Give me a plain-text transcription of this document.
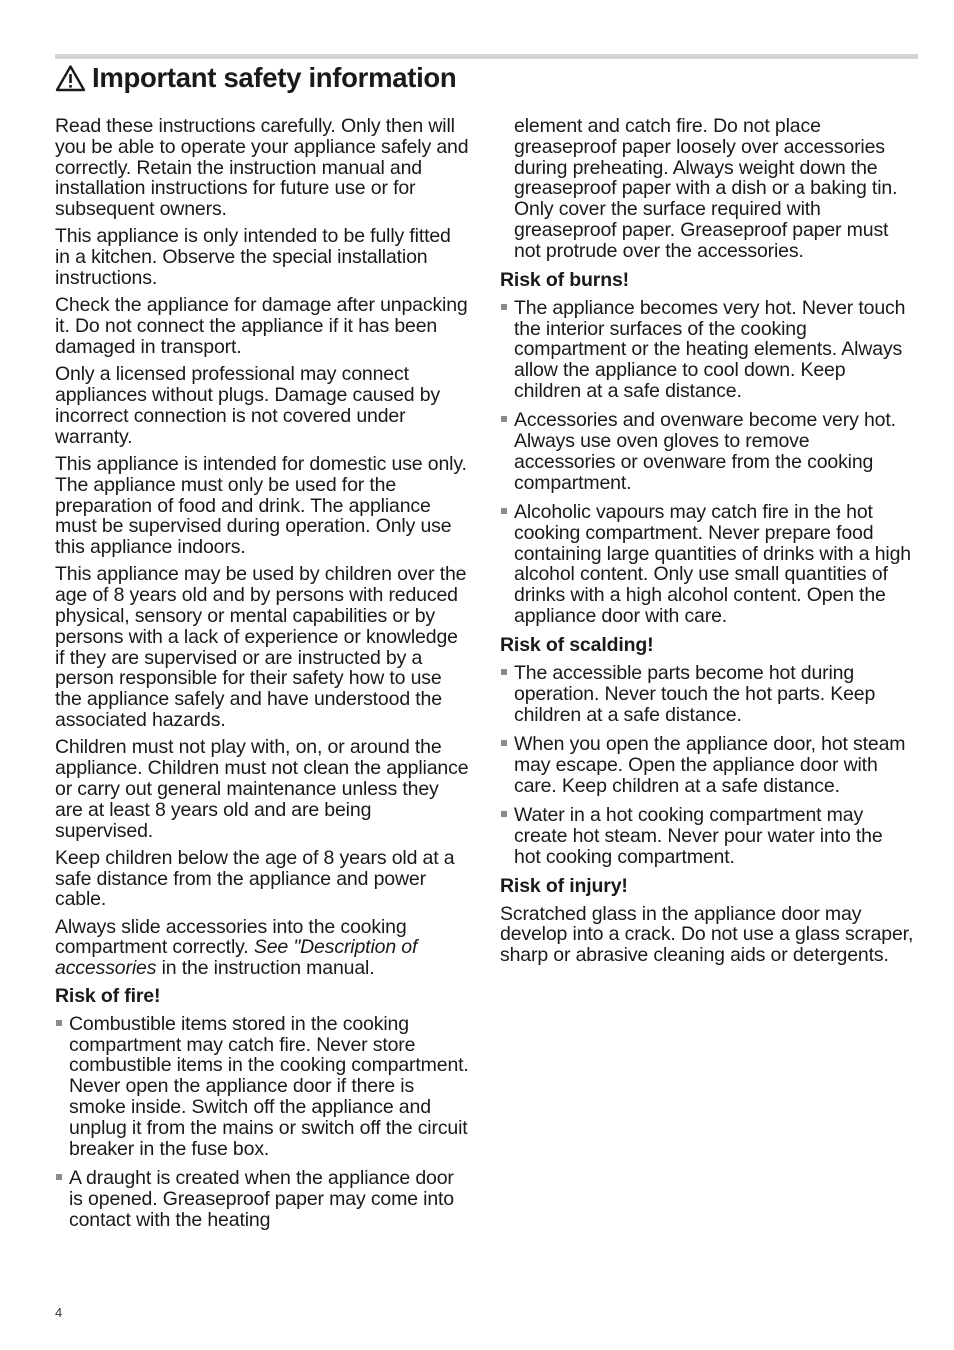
Important safety information

Read these instructions carefully. Only then will you be able to operate your appliance safely and correctly. Retain the instruction manual and installation instructions for future use or for subsequent owners.

This appliance is only intended to be fully fitted in a kitchen. Observe the special installation instructions.

Check the appliance for damage after unpacking it. Do not connect the appliance if it has been damaged in transport.

Only a licensed professional may connect appliances without plugs. Damage caused by incorrect connection is not covered under warranty.

This appliance is intended for domestic use only. The appliance must only be used for the preparation of food and drink. The appliance must be supervised during operation. Only use this appliance indoors.

This appliance may be used by children over the age of 8 years old and by persons with reduced physical, sensory or mental capabilities or by persons with a lack of experience or knowledge if they are supervised or are instructed by a person responsible for their safety how to use the appliance safely and have understood the associated hazards.

Children must not play with, on, or around the appliance. Children must not clean the appliance or carry out general maintenance unless they are at least 8 years old and are being supervised.

Keep children below the age of 8 years old at a safe distance from the appliance and power cable.

Always slide accessories into the cooking compartment correctly. See "Description of accessories in the instruction manual.

Risk of fire!
Combustible items stored in the cooking compartment may catch fire. Never store combustible items in the cooking compartment. Never open the appliance door if there is smoke inside. Switch off the appliance and unplug it from the mains or switch off the circuit breaker in the fuse box.
A draught is created when the appliance door is opened. Greaseproof paper may come into contact with the heating
element and catch fire. Do not place greaseproof paper loosely over accessories during preheating. Always weight down the greaseproof paper with a dish or a baking tin. Only cover the surface required with greaseproof paper. Greaseproof paper must not protrude over the accessories.
Risk of burns!
The appliance becomes very hot. Never touch the interior surfaces of the cooking compartment or the heating elements. Always allow the appliance to cool down. Keep children at a safe distance.
Accessories and ovenware become very hot. Always use oven gloves to remove accessories or ovenware from the cooking compartment.
Alcoholic vapours may catch fire in the hot cooking compartment. Never prepare food containing large quantities of drinks with a high alcohol content. Only use small quantities of drinks with a high alcohol content. Open the appliance door with care.
Risk of scalding!
The accessible parts become hot during operation. Never touch the hot parts. Keep children at a safe distance.
When you open the appliance door, hot steam may escape. Open the appliance door with care. Keep children at a safe distance.
Water in a hot cooking compartment may create hot steam. Never pour water into the hot cooking compartment.
Risk of injury!

Scratched glass in the appliance door may develop into a crack. Do not use a glass scraper, sharp or abrasive cleaning aids or detergents.

4
